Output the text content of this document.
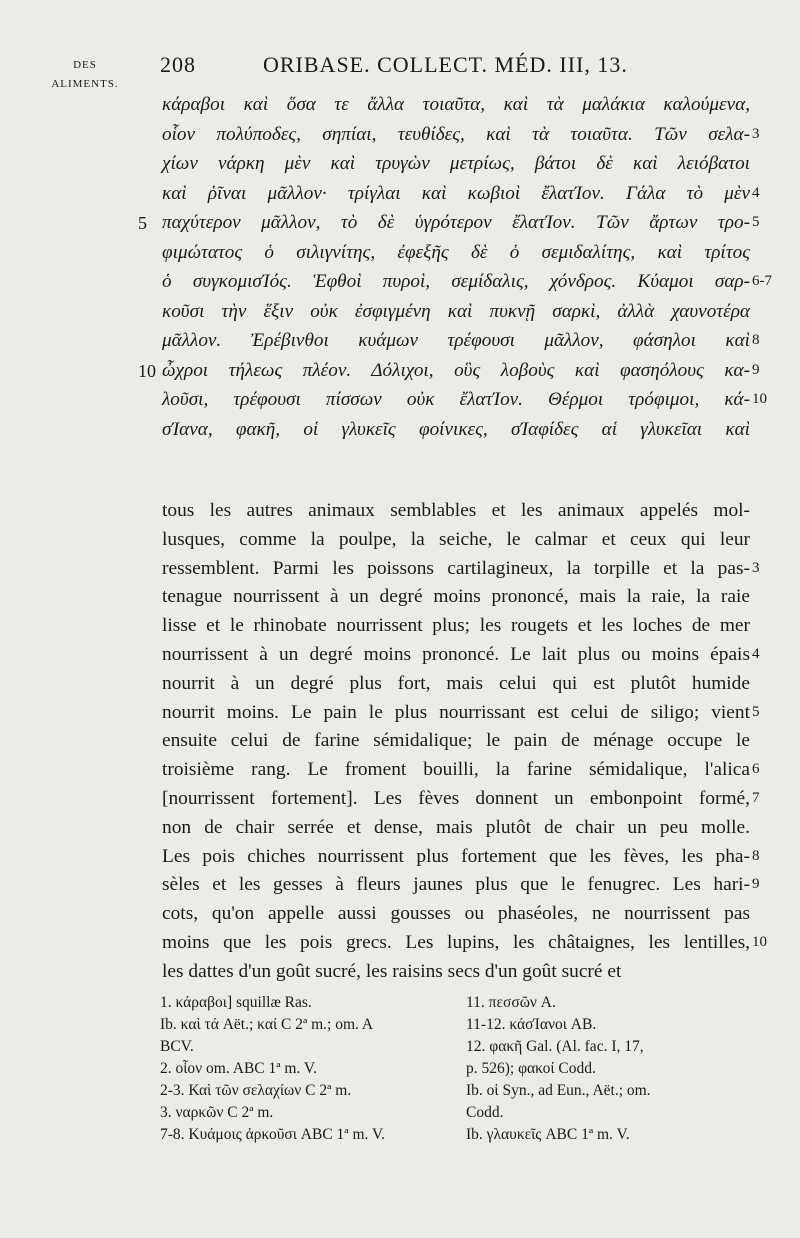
DES
ALIMENTS.
208	ORIBASE. COLLECT. MÉD. III, 13.
κάραβοι καὶ ὅσα τε ἄλλα τοιαῦτα, καὶ τὰ μαλάκια καλούμενα,
οἷον πολύποδες, σηπίαι, τευθίδες, καὶ τὰ τοιαῦτα. Τῶν σελα- 3
χίων νάρκη μὲν καὶ τρυγὼν μετρίως, βάτοι δὲ καὶ λειόβατοι
καὶ ῥῖναι μᾶλλον· τρίγλαι καὶ κωβιοὶ ἔλατΊον. Γάλα τὸ μὲν 4
5 παχύτερον μᾶλλον, τὸ δὲ ὑγρότερον ἔλατΊον. Τῶν ἄρτων τρο- 5
φιμώτατος ὁ σιλιγνίτης, ἐφεξῆς δὲ ὁ σεμιδαλίτης, καὶ τρίτος
ὁ συγκομισΊός. Ἑφθοὶ πυροὶ, σεμίδαλις, χόνδρος. Κύαμοι σαρ- 6-7
κοῦσι τὴν ἕξιν οὐκ ἐσφιγμένη καὶ πυκνῇ σαρκὶ, ἀλλὰ χαυνοτέρα
μᾶλλον. Ἐρέβινθοι κυάμων τρέφουσι μᾶλλον, φάσηλοι καὶ 8
10 ὦχροι τήλεως πλέον. Δόλιχοι, οὓς λοβοὺς καὶ φασηόλους κα- 9
λοῦσι, τρέφουσι πίσσων οὐκ ἔλατΊον. Θέρμοι τρόφιμοι, κά- 10
σΊανα, φακῆ, οἱ γλυκεῖς φοίνικες, σΊαφίδες αἱ γλυκεῖαι καὶ
tous les autres animaux semblables et les animaux appelés mol-
lusques, comme la poulpe, la seiche, le calmar et ceux qui leur
ressemblent. Parmi les poissons cartilagineux, la torpille et la pas- 3
tenague nourrissent à un degré moins prononcé, mais la raie, la raie
lisse et le rhinobate nourrissent plus; les rougets et les loches de mer
nourrissent à un degré moins prononcé. Le lait plus ou moins épais 4
nourrit à un degré plus fort, mais celui qui est plutôt humide
nourrit moins. Le pain le plus nourrissant est celui de siligo; vient 5
ensuite celui de farine sémidalique; le pain de ménage occupe le
troisième rang. Le froment bouilli, la farine sémidalique, l'alica 6
[nourrissent fortement]. Les fèves donnent un embonpoint formé, 7
non de chair serrée et dense, mais plutôt de chair un peu molle.
Les pois chiches nourrissent plus fortement que les fèves, les pha- 8
sèles et les gesses à fleurs jaunes plus que le fenugrec. Les hari- 9
cots, qu'on appelle aussi gousses ou phaséoles, ne nourrissent pas
moins que les pois grecs. Les lupins, les châtaignes, les lentilles, 10
les dattes d'un goût sucré, les raisins secs d'un goût sucré et
1. κάραβοι] squillæ Ras.
Ib. καὶ τά Aët.; καί C 2ª m.; om. A
BCV.
2. οἷον om. ABC 1ª m. V.
2-3. Καὶ τῶν σελαχίων C 2ª m.
3. ναρκῶν C 2ª m.
7-8. Κυάμοις ἀρκοῦσι ABC 1ª m. V.
11. πεσσῶν A.
11-12. κάσΊανοι AB.
12. φακῆ Gal. (Al. fac. I, 17,
p. 526); φακοί Codd.
Ib. οἱ Syn., ad Eun., Aët.; om.
Codd.
Ib. γλαυκεῖς ABC 1ª m. V.
